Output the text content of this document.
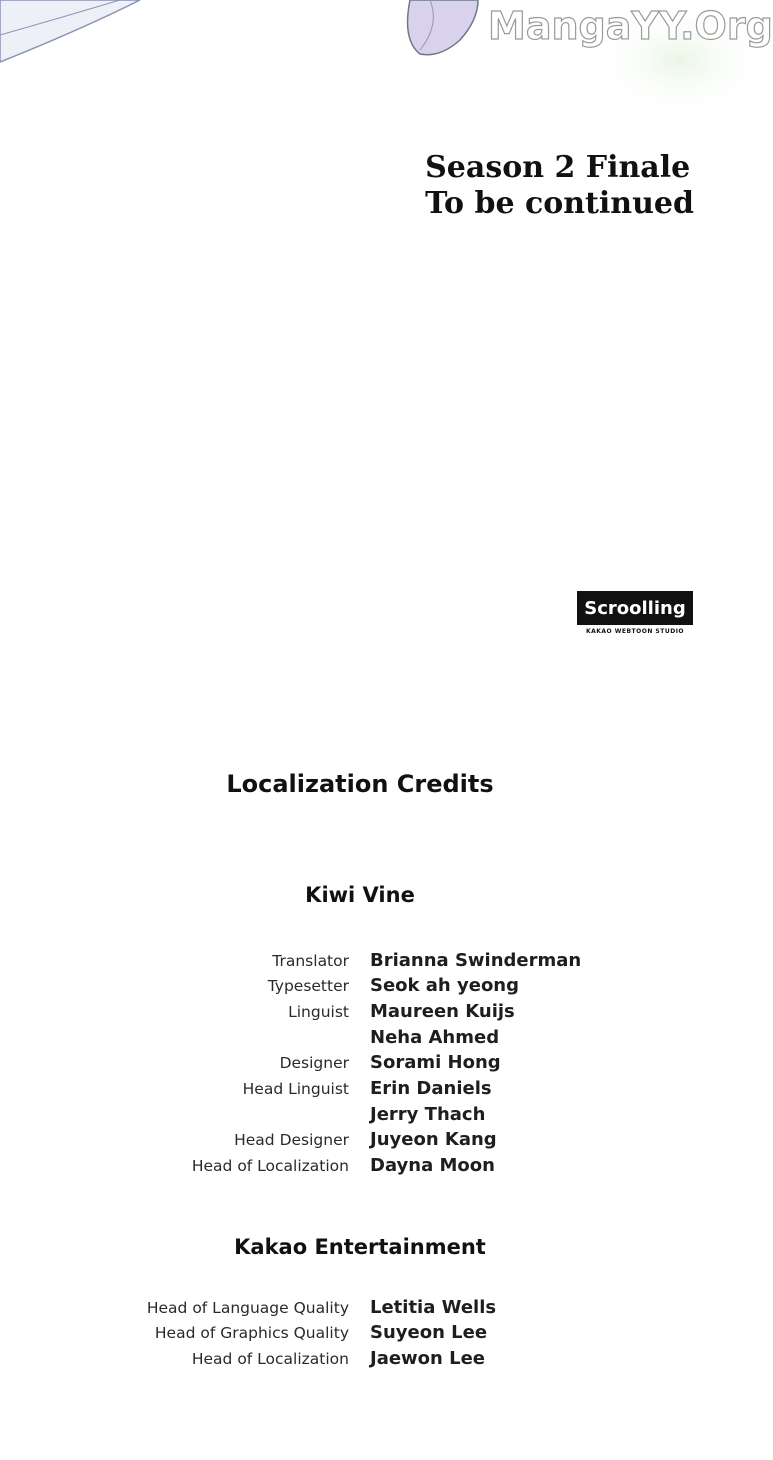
MangaYY.Org
Season 2 Finale
To be continued
Scroolling
KAKAO WEBTOON STUDIO
Localization Credits
Kiwi Vine
Translator Brianna Swinderman
Typesetter Seok ah yeong
Linguist Maureen Kuijs
Neha Ahmed
Designer Sorami Hong
Head Linguist Erin Daniels
Jerry Thach
Head Designer Juyeon Kang
Head of Localization Dayna Moon
Kakao Entertainment
Head of Language Quality Letitia Wells
Head of Graphics Quality Suyeon Lee
Head of Localization Jaewon Lee
